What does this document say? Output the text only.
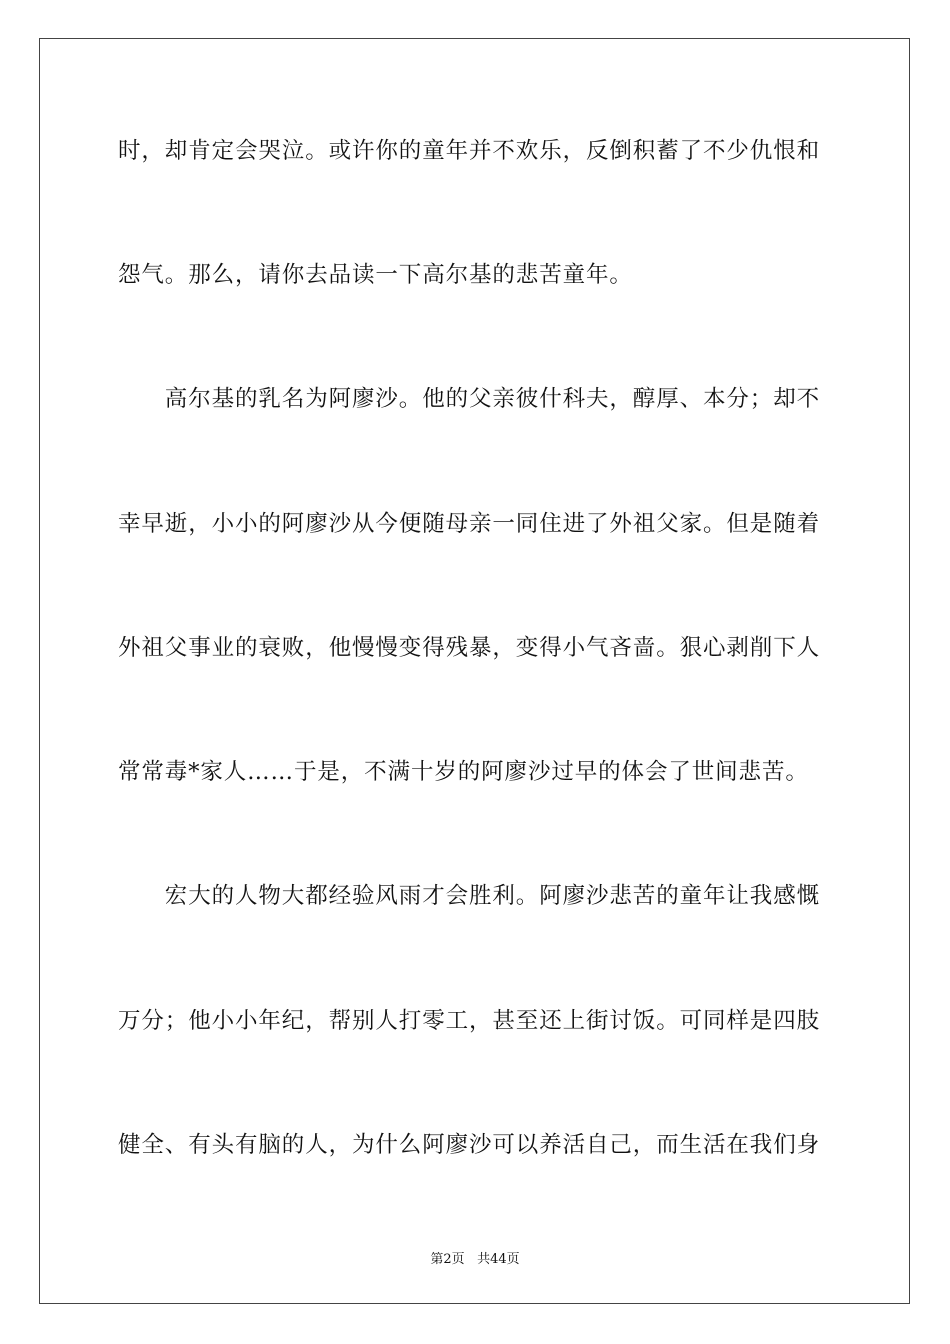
时，却肯定会哭泣。或许你的童年并不欢乐，反倒积蓄了不少仇恨和
怨气。那么，请你去品读一下高尔基的悲苦童年。
　　高尔基的乳名为阿廖沙。他的父亲彼什科夫，醇厚、本分；却不
幸早逝，小小的阿廖沙从今便随母亲一同住进了外祖父家。但是随着
外祖父事业的衰败，他慢慢变得残暴，变得小气吝啬。狠心剥削下人
常常毒*家人……于是，不满十岁的阿廖沙过早的体会了世间悲苦。
　　宏大的人物大都经验风雨才会胜利。阿廖沙悲苦的童年让我感慨
万分；他小小年纪，帮别人打零工，甚至还上街讨饭。可同样是四肢
健全、有头有脑的人，为什么阿廖沙可以养活自己，而生活在我们身
第2页 共44页
